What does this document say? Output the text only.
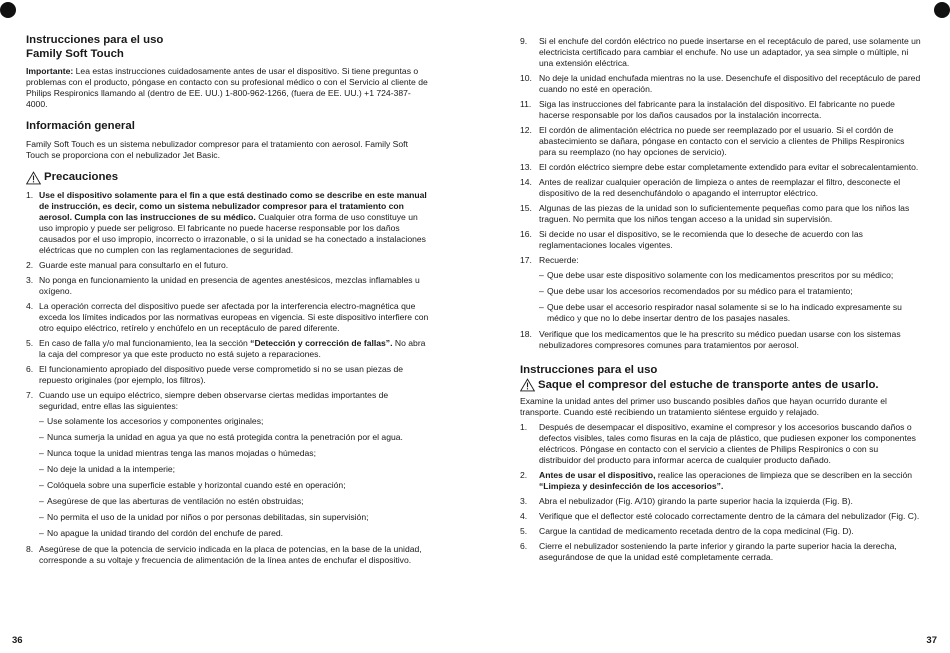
Instrucciones para el uso
Family Soft Touch

Importante: Lea estas instrucciones cuidadosamente antes de usar el dispositivo. Si tiene preguntas o problemas con el producto, póngase en contacto con su profesional médico o con el Servicio al cliente de Philips Respironics llamando al (dentro de EE. UU.) 1-800-962-1266, (fuera de EE. UU.) +1 724-387-4000.

Información general

Family Soft Touch es un sistema nebulizador compresor para el tratamiento con aerosol. Family Soft Touch se proporciona con el nebulizador Jet Basic.

Precauciones
1. Use el dispositivo solamente para el fin a que está destinado como se describe en este manual de instrucción, es decir, como un sistema nebulizador compresor para el tratamiento con aerosol. Cumpla con las instrucciones de su médico. Cualquier otra forma de uso constituye un uso impropio y puede ser peligroso. El fabricante no puede hacerse responsable por los daños causados por el uso impropio, incorrecto o irrazonable, o si la unidad se ha conectado a instalaciones eléctricas que no cumplen con las reglamentaciones de seguridad.
2. Guarde este manual para consultarlo en el futuro.
3. No ponga en funcionamiento la unidad en presencia de agentes anestésicos, mezclas inflamables u oxígeno.
4. La operación correcta del dispositivo puede ser afectada por la interferencia electro-magnética que exceda los límites indicados por las normativas europeas en vigencia. Si este dispositivo interfiere con otro equipo eléctrico, retírelo y enchúfelo en un receptáculo de pared diferente.
5. En caso de falla y/o mal funcionamiento, lea la sección “Detección y corrección de fallas”. No abra la caja del compresor ya que este producto no está sujeto a reparaciones.
6. El funcionamiento apropiado del dispositivo puede verse comprometido si no se usan piezas de repuesto originales (por ejemplo, los filtros).
7. Cuando use un equipo eléctrico, siempre deben observarse ciertas medidas importantes de seguridad, entre ellas las siguientes:
– Use solamente los accesorios y componentes originales;
– Nunca sumerja la unidad en agua ya que no está protegida contra la penetración por el agua.
– Nunca toque la unidad mientras tenga las manos mojadas o húmedas;
– No deje la unidad a la intemperie;
– Colóquela sobre una superficie estable y horizontal cuando esté en operación;
– Asegúrese de que las aberturas de ventilación no estén obstruidas;
– No permita el uso de la unidad por niños o por personas debilitadas, sin supervisión;
– No apague la unidad tirando del cordón del enchufe de pared.
8. Asegúrese de que la potencia de servicio indicada en la placa de potencias, en la base de la unidad, corresponde a su voltaje y frecuencia de alimentación de la línea antes de enchufar el dispositivo.
36
9. Si el enchufe del cordón eléctrico no puede insertarse en el receptáculo de pared, use solamente un electricista certificado para cambiar el enchufe. No use un adaptador, ya sea simple o múltiple, ni una extensión eléctrica.
10. No deje la unidad enchufada mientras no la use. Desenchufe el dispositivo del receptáculo de pared cuando no esté en operación.
11. Siga las instrucciones del fabricante para la instalación del dispositivo. El fabricante no puede hacerse responsable por los daños causados por la instalación incorrecta.
12. El cordón de alimentación eléctrica no puede ser reemplazado por el usuario. Si el cordón de abastecimiento se dañara, póngase en contacto con el servicio a clientes de Philips Respironics para su reemplazo (no hay opciones de servicio).
13. El cordón eléctrico siempre debe estar completamente extendido para evitar el sobrecalentamiento.
14. Antes de realizar cualquier operación de limpieza o antes de reemplazar el filtro, desconecte el dispositivo de la red desenchufándolo o apagando el interruptor eléctrico.
15. Algunas de las piezas de la unidad son lo suficientemente pequeñas como para que los niños las traguen. No permita que los niños tengan acceso a la unidad sin supervisión.
16. Si decide no usar el dispositivo, se le recomienda que lo deseche de acuerdo con las reglamentaciones locales vigentes.
17. Recuerde:
– Que debe usar este dispositivo solamente con los medicamentos prescritos por su médico;
– Que debe usar los accesorios recomendados por su médico para el tratamiento;
– Que debe usar el accesorio respirador nasal solamente si se lo ha indicado expresamente su médico y que no lo debe insertar dentro de los pasajes nasales.
18. Verifique que los medicamentos que le ha prescrito su médico puedan usarse con los sistemas nebulizadores compresores comunes para tratamientos por aerosol.
Instrucciones para el uso
Saque el compresor del estuche de transporte antes de usarlo.

Examine la unidad antes del primer uso buscando posibles daños que hayan ocurrido durante el transporte. Cuando esté recibiendo un tratamiento siéntese erguido y relajado.

1. Después de desempacar el dispositivo, examine el compresor y los accesorios buscando daños o defectos visibles, tales como fisuras en la caja de plástico, que pudiesen exponer los componentes eléctricos. Póngase en contacto con el servicio a clientes de Philips Respironics o con su distribuidor del producto para informar acerca de cualquier producto dañado.
2. Antes de usar el dispositivo, realice las operaciones de limpieza que se describen en la sección “Limpieza y desinfección de los accesorios”.
3. Abra el nebulizador (Fig. A/10) girando la parte superior hacia la izquierda (Fig. B).
4. Verifique que el deflector esté colocado correctamente dentro de la cámara del nebulizador (Fig. C).
5. Cargue la cantidad de medicamento recetada dentro de la copa medicinal (Fig. D).
6. Cierre el nebulizador sosteniendo la parte inferior y girando la parte superior hacia la derecha, asegurándose de que la unidad esté completamente cerrada.
37
